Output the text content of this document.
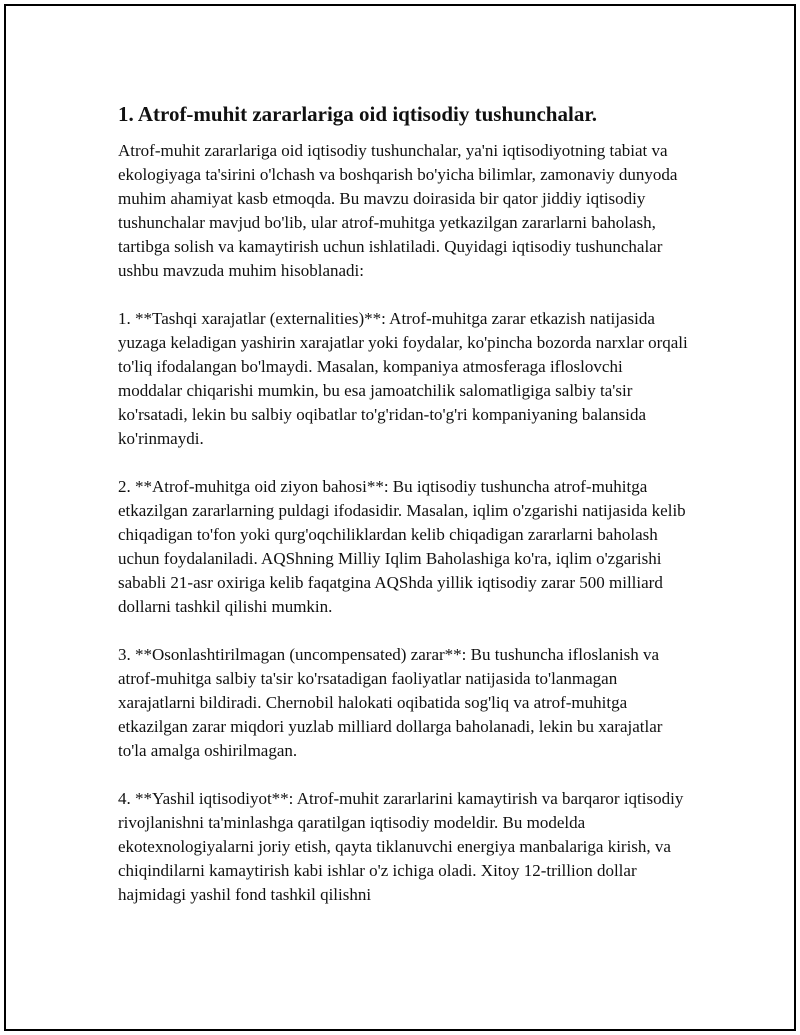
1. Atrof-muhit zararlariga oid iqtisodiy tushunchalar.

Atrof-muhit zararlariga oid iqtisodiy tushunchalar, ya'ni iqtisodiyotning tabiat va ekologiyaga ta'sirini o'lchash va boshqarish bo'yicha bilimlar, zamonaviy dunyoda muhim ahamiyat kasb etmoqda. Bu mavzu doirasida bir qator jiddiy iqtisodiy tushunchalar mavjud bo'lib, ular atrof-muhitga yetkazilgan zararlarni baholash, tartibga solish va kamaytirish uchun ishlatiladi. Quyidagi iqtisodiy tushunchalar ushbu mavzuda muhim hisoblanadi:

1. **Tashqi xarajatlar (externalities)**: Atrof-muhitga zarar etkazish natijasida yuzaga keladigan yashirin xarajatlar yoki foydalar, ko'pincha bozorda narxlar orqali to'liq ifodalangan bo'lmaydi. Masalan, kompaniya atmosferaga ifloslovchi moddalar chiqarishi mumkin, bu esa jamoatchilik salomatligiga salbiy ta'sir ko'rsatadi, lekin bu salbiy oqibatlar to'g'ridan-to'g'ri kompaniyaning balansida ko'rinmaydi.

2. **Atrof-muhitga oid ziyon bahosi**: Bu iqtisodiy tushuncha atrof-muhitga etkazilgan zararlarning puldagi ifodasidir. Masalan, iqlim o'zgarishi natijasida kelib chiqadigan to'fon yoki qurg'oqchiliklardan kelib chiqadigan zararlarni baholash uchun foydalaniladi. AQShning Milliy Iqlim Baholashiga ko'ra, iqlim o'zgarishi sababli 21-asr oxiriga kelib faqatgina AQShda yillik iqtisodiy zarar 500 milliard dollarni tashkil qilishi mumkin.

3. **Osonlashtirilmagan (uncompensated) zarar**: Bu tushuncha ifloslanish va atrof-muhitga salbiy ta'sir ko'rsatadigan faoliyatlar natijasida to'lanmagan xarajatlarni bildiradi. Chernobil halokati oqibatida sog'liq va atrof-muhitga etkazilgan zarar miqdori yuzlab milliard dollarga baholanadi, lekin bu xarajatlar to'la amalga oshirilmagan.

4. **Yashil iqtisodiyot**: Atrof-muhit zararlarini kamaytirish va barqaror iqtisodiy rivojlanishni ta'minlashga qaratilgan iqtisodiy modeldir. Bu modelda ekotexnologiyalarni joriy etish, qayta tiklanuvchi energiya manbalariga kirish, va chiqindilarni kamaytirish kabi ishlar o'z ichiga oladi. Xitoy 12-trillion dollar hajmidagi yashil fond tashkil qilishni
